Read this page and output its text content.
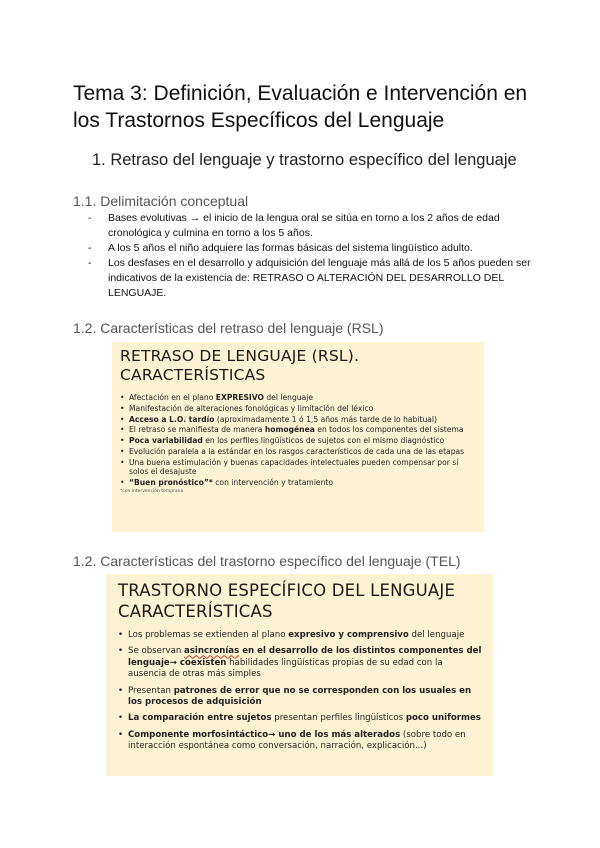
Tema 3: Definición, Evaluación e Intervención en los Trastornos Específicos del Lenguaje
1. Retraso del lenguaje y trastorno específico del lenguaje
1.1. Delimitación conceptual
- Bases evolutivas → el inicio de la lengua oral se sitúa en torno a los 2 años de edad cronológica y culmina en torno a los 5 años.
- A los 5 años el niño adquiere las formas básicas del sistema lingüístico adulto.
- Los desfases en el desarrollo y adquisición del lenguaje más allá de los 5 años pueden ser indicativos de la existencia de: RETRASO O ALTERACIÓN DEL DESARROLLO DEL LENGUAJE.
1.2. Características del retraso del lenguaje (RSL)
RETRASO DE LENGUAJE (RSL). CARACTERÍSTICAS
• Afectación en el plano EXPRESIVO del lenguaje
• Manifestación de alteraciones fonológicas y limitación del léxico
• Acceso a L.O. tardío (aproximadamente 1 ó 1,5 años más tarde de lo habitual)
• El retraso se manifiesta de manera homogénea en todos los componentes del sistema
• Poca variabilidad en los perfiles lingüísticos de sujetos con el mismo diagnóstico
• Evolución paralela a la estándar en los rasgos característicos de cada una de las etapas
• Una buena estimulación y buenas capacidades intelectuales pueden compensar por sí solos el desajuste
• “Buen pronóstico”* con intervención y tratamiento
*con intervención temprana
1.2. Características del trastorno específico del lenguaje (TEL)
TRASTORNO ESPECÍFICO DEL LENGUAJE CARACTERÍSTICAS
• Los problemas se extienden al plano expresivo y comprensivo del lenguaje
• Se observan asincronías en el desarrollo de los distintos componentes del lenguaje→ coexisten habilidades lingüísticas propias de su edad con la ausencia de otras más simples
• Presentan patrones de error que no se corresponden con los usuales en los procesos de adquisición
• La comparación entre sujetos presentan perfiles lingüísticos poco uniformes
• Componente morfosintáctico→ uno de los más alterados (sobre todo en interacción espontánea como conversación, narración, explicación...)
